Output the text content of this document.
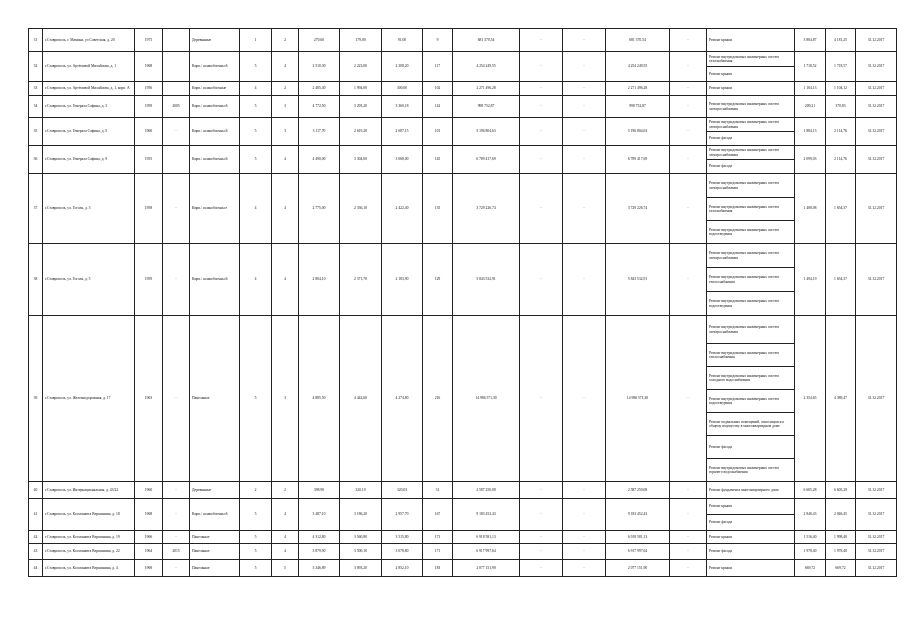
31	г.Ставрополь, г. Мамина, ул Советская, д. 20	1975		Деревянные	1	2	270,60	179,00	91,00	9	681 370,54	-	-	681 370,54	-	Ремонт крыши	3 804,87	4 181,25	31.12.2017
32	г.Ставрополь, ул. Артёмовой Михайлова, д. 1	1968		Кирп./ шлакоблочны й	5	4	2 510,30	2 223,00	2 308,20	117	4 254 249,55	-	-	4 254 249,55	-	Ремонт внутридомовых инженерных систем газоснабжения	1 718,52	1 718,57	31.12.2017
																Ремонт крыши			
33	г.Ставрополь, ул. Артёмовой Михайлова, д. 1, корп. А	1956		Кирп./ шлакоблочные	4	2	2 405,40	1 994,00	300,00	102	2 271 496,28	-	-	2 271 496,28	-	Ремонт крыши	1 104,13	1 104,12	31.12.2017
34	г.Ставрополь, ул. Генерала Сафина, д. 3	1959	2005	Кирп./ шлакоблочны й	5	3	4 772,50	3 293,20	3 360,18	142	998 752,87	-	-	998 752,87	-	Ремонт внутридомовых инженерных систем электроснабжения	209,21	370,83	31.12.2017
35	г.Ставрополь, ул. Генерала Сафина, д. 5	1960	-	Кирп./ шлакоблочны й	5	3	3 117,70	2 619,20	2 687,15	101	5 196 804,63	-	-	5 196 804,63	-	Ремонт внутридомовых инженерных систем электроснабжения	1 884,13	2 114,76	31.12.2017
																Ремонт фасада			
36	г.Ставрополь, ул. Генерала Сафина, д. 9	1955		Кирп./ шлакоблочны й	5	4	4 490,00	3 304,00	3 068,00	145	6 789 417,69	-	-	6 789 417,69	-	Ремонт внутридомовых инженерных систем электроснабжения	2 099,03	2 114,76	31.12.2017
																Ремонт фасада			
37	г.Ставрополь, ул. Гоголя, д. 3	1958	-	Кирп./ шлакоблочны е	4	4	2 775,00	2 336,10	2 422,40	135	3 729 226,74	-	-	3 729 226,74	-	Ремонт внутридомовых инженерных систем электроснабжения	1 408,08	1 654,37	31.12.2017
																Ремонт внутридомовых инженерных систем газоснабжения			
																Ремонт внутридомовых инженерных систем водоотведения			
38	г.Ставрополь, ул. Гоголя, д. 5	1959	-	Кирп./ шлакоблочны й	4	4	2 804,10	2 371,70	2 183,90	129	5 843 532,91	-	-	5 843 532,91	-	Ремонт внутридомовых инженерных систем электроснабжения	1 494,19	1 654,37	31.12.2017
																Ремонт внутридомовых инженерных систем теплоснабжения			
																Ремонт внутридомовых инженерных систем водоотведения			
39	г.Ставрополь, ул. Железнодорожная, д. 17	1963	-	Панельные	5	3	4 885,50	4 442,60	4 274,80	216	14 986 571,30	-	-	14 986 571,30	-	Ремонт внутридомовых инженерных систем электроснабжения	2 354,65	4 389,47	31.12.2017
																Ремонт внутридомовых инженерных систем теплоснабжения			
																Ремонт внутридомовых инженерных систем холодного водоснабжения			
																Ремонт внутридомовых инженерных систем водоотведения			
																Ремонт подвальных помещений, относящихся к общему имуществу в многоквартирном доме			
																Ремонт фасада			
																Ремонт внутридомовых инженерных систем горячего водоснабжения			
40	г.Ставрополь, ул. Интернациональная, д. 43/22	1960	-	Деревянные	2	2	398,90	320,10	320,03	31	2 587 250,08	-	-	2 587 250,08	-	Ремонт фундамента многоквартирного дома	6 605,28	6 605,29	31.12.2017
41	г.Ставрополь, ул. Космонавта Вершинина, д. 18	1968	-	Кирп./ шлакоблочны й	5	4	3 487,10	3 186,20	2 957,70	167	9 183 452,43	-	-	9 183 452,43	-	Ремонт крыши	2 846,43	2 846,45	31.12.2017
																Ремонт фасада			
42	г.Ставрополь, ул. Космонавта Вершинина, д. 19	1966	-	Панельные	5	4	4 312,80	3 560,80	3 515,80	171	6 918 581,13	-	-	6 918 581,13	-	Ремонт крыши	1 516,40	1 998,40	31.12.2017
43	г.Ставрополь, ул. Космонавта Вершинина, д. 22	1964	2015	Панельные	5	4	3 879,90	3 500,10	3 078,80	171	6 917 997,64	-	-	6 917 997,64	-	Ремонт фасада	1 978,40	1 978,40	31.12.2017
44	г.Ставрополь, ул. Космонавта Вершинина, д. 4	1969	-	Панельные	5	5	3 346,89	3 093,20	2 852,10	183	2 077 151,90	-	-	2 077 151,90	-	Ремонт крыши	669,72	669,72	31.12.2017
